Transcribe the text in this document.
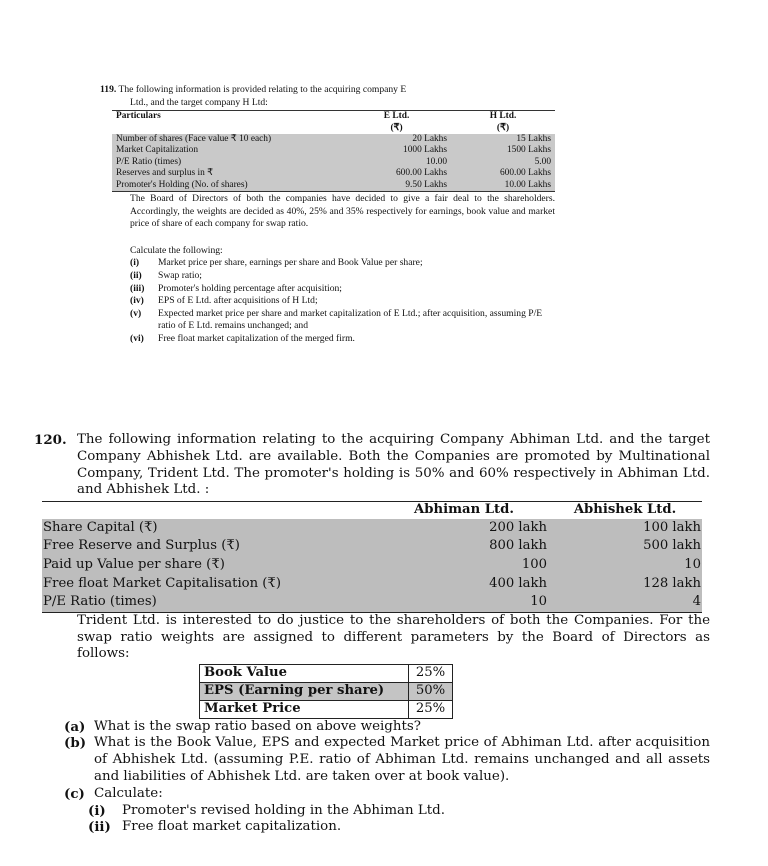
119. The following information is provided relating to the acquiring company E
Ltd., and the target company H Ltd:
Particulars	E Ltd.	H Ltd.
	(₹)	(₹)
Number of shares (Face value ₹ 10 each)	20 Lakhs	15 Lakhs
Market Capitalization	1000 Lakhs	1500 Lakhs
P/E Ratio (times)	10.00	5.00
Reserves and surplus in ₹	600.00 Lakhs	600.00 Lakhs
Promoter's Holding (No. of shares)	9.50 Lakhs	10.00 Lakhs
The Board of Directors of both the companies have decided to give a fair deal to the shareholders. Accordingly, the weights are decided as 40%, 25% and 35% respectively for earnings, book value and market price of share of each company for swap ratio.
Calculate the following:
(i)	Market price per share, earnings per share and Book Value per share;
(ii)	Swap ratio;
(iii)	Promoter's holding percentage after acquisition;
(iv)	EPS of E Ltd. after acquisitions of H Ltd;
(v)	Expected market price per share and market capitalization of E Ltd.; after acquisition, assuming P/E ratio of E Ltd. remains unchanged; and
(vi)	Free float market capitalization of the merged firm.
120. The following information relating to the acquiring Company Abhiman Ltd. and the target Company Abhishek Ltd. are available. Both the Companies are promoted by Multinational Company, Trident Ltd. The promoter's holding is 50% and 60% respectively in Abhiman Ltd. and Abhishek Ltd. :
	Abhiman Ltd.	Abhishek Ltd.
Share Capital (₹)	200 lakh	100 lakh
Free Reserve and Surplus (₹)	800 lakh	500 lakh
Paid up Value per share (₹)	100	10
Free float Market Capitalisation (₹)	400 lakh	128 lakh
P/E Ratio (times)	10	4
Trident Ltd. is interested to do justice to the shareholders of both the Companies. For the swap ratio weights are assigned to different parameters by the Board of Directors as follows:
Book Value	25%
EPS (Earning per share)	50%
Market Price	25%
(a) What is the swap ratio based on above weights?
(b) What is the Book Value, EPS and expected Market price of Abhiman Ltd. after acquisition of Abhishek Ltd. (assuming P.E. ratio of Abhiman Ltd. remains unchanged and all assets and liabilities of Abhishek Ltd. are taken over at book value).
(c) Calculate:
(i)	Promoter's revised holding in the Abhiman Ltd.
(ii) Free float market capitalization.
